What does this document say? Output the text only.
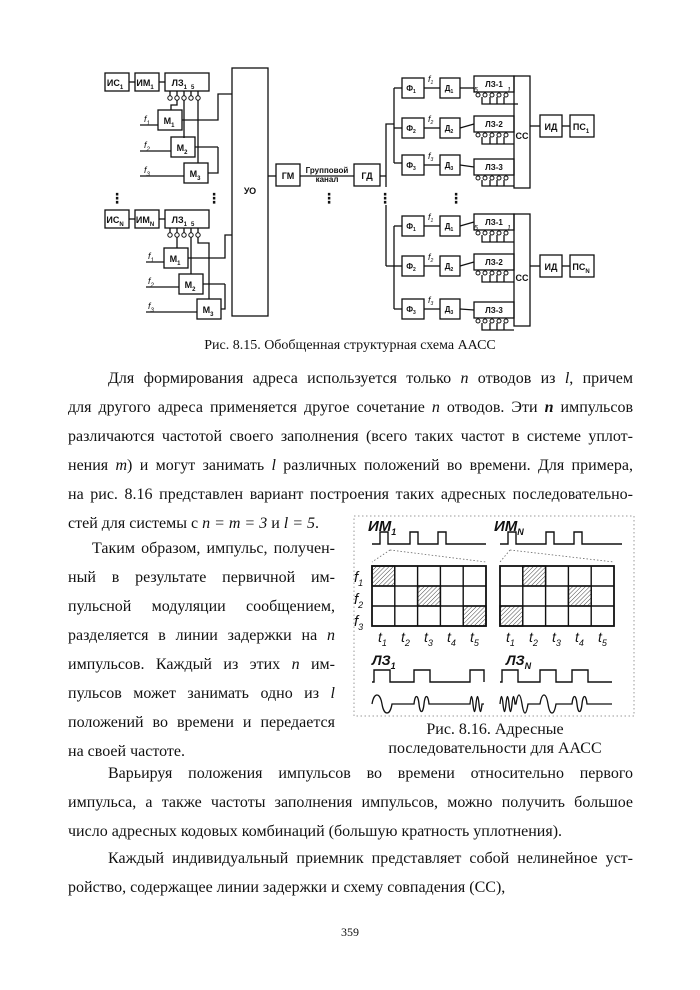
$ИС_1$ $ИМ_1$ $ЛЗ_1$ 5
$ИС_N$ $ИМ_N$ $ЛЗ_1$ 5
$М_1$
$М_2$
$М_3$
$М_1$
$М_2$
$М_3$
УО
ГМ	ГД
ИД
ИД
$ПС_1$
$ПС_N$
СС
СС
Групповой
канал
$Ф_1$
$Ф_2$
$Ф_3$
$Ф_1$
$Ф_2$
$Ф_3$
$Д_1$
$Д_2$
$Д_3$
$Д_1$
$Д_2$
$Д_3$
ЛЗ-1
ЛЗ-2
ЛЗ-3
ЛЗ-1
ЛЗ-2
ЛЗ-3
5	1
5	1
$f_1$
$f_2$
$f_3$
$f_1$
$f_2$
$f_3$
$f_1$
$f_2$
$f_3$
$f_1$
$f_2$
$f_3$
⋮	⋮	⋮	⋮	⋮
Рис. 8.15. Обобщенная структурная схема ААСС
Для формирования адреса используется только n отводов из l, причем
для другого адреса применяется другое сочетание n отводов. Эти n импульсов
различаются частотой своего заполнения (всего таких частот в системе уплот-
нения m) и могут занимать l различных положений во времени. Для примера,
на рис. 8.16 представлен вариант построения таких адресных последовательно-
стей для системы с n = m = 3 и l = 5.
Таким образом, импульс, получен-
ный в результате первичной им-
пульсной модуляции сообщением,
разделяется в линии задержки на n
импульсов. Каждый из этих n им-
пульсов может занимать одно из l
положений во времени и передается
на своей частоте.
$ИМ_1$	$ИМ_N$
$ЛЗ_1$	$ЛЗ_N$
$f_1$
$f_2$
$f_3$
$t_1$ $t_2$ $t_3$ $t_4$ $t_5$ $t_1$ $t_2$ $t_3$ $t_4$ $t_5$
Рис. 8.16. Адресные
последовательности для ААСС
Варьируя положения импульсов во времени относительно первого
импульса, а также частоты заполнения импульсов, можно получить большое
число адресных кодовых комбинаций (большую кратность уплотнения).
Каждый индивидуальный приемник представляет собой нелинейное уст-
ройство, содержащее линии задержки и схему совпадения (СС),
359
